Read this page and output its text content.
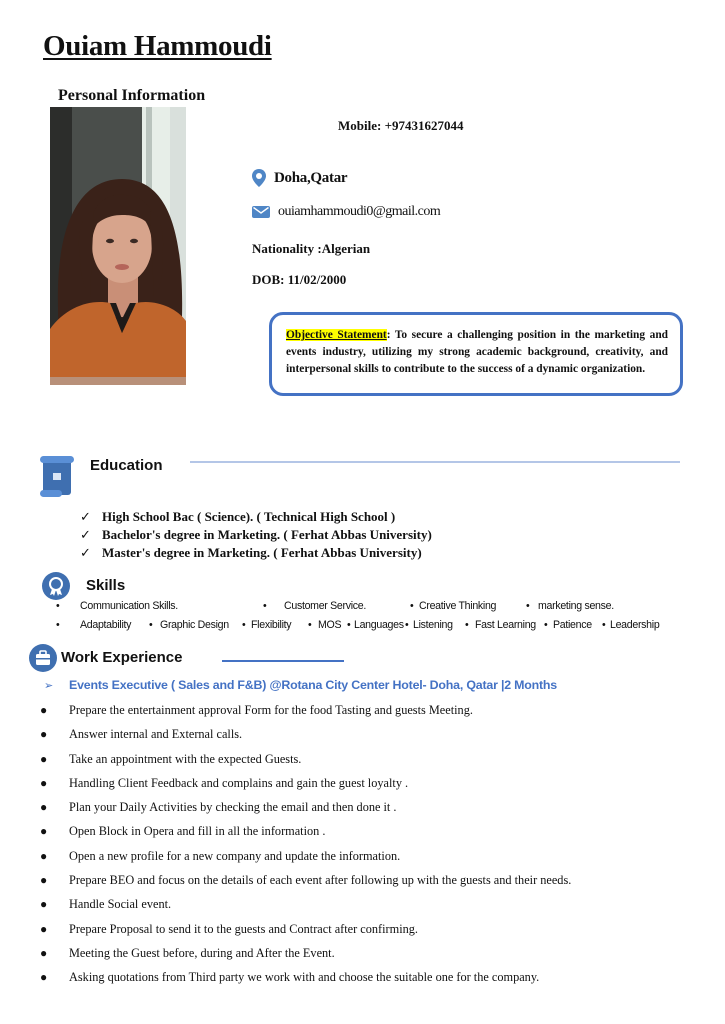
Ouiam Hammoudi
Personal Information
Mobile: +97431627044
Doha,Qatar
ouiamhammoudi0@gmail.com
Nationality :Algerian
DOB: 11/02/2000
Objective Statement: To secure a challenging position in the marketing and events industry, utilizing my strong academic background, creativity, and interpersonal skills to contribute to the success of a dynamic organization.
Education
✓ High School Bac ( Science). ( Technical High School )
✓ Bachelor's degree in Marketing. ( Ferhat Abbas University)
✓ Master's degree in Marketing. ( Ferhat Abbas University)
Skills
• Communication Skills.	• Customer Service.	• Creative Thinking	• marketing sense.
• Adaptability • Graphic Design • Flexibility • MOS • Languages • Listening • Fast Learning • Patience • Leadership
Work Experience
➢ Events Executive ( Sales and F&B) @Rotana City Center Hotel- Doha, Qatar |2 Months
●	Prepare the entertainment approval Form for the food Tasting and guests Meeting.
●	Answer internal and External calls.
●	Take an appointment with the expected Guests.
●	Handling Client Feedback and complains and gain the guest loyalty .
●	Plan your Daily Activities by checking the email and then done it .
●	Open Block in Opera and fill in all the information .
●	Open a new profile for a new company and update the information.
●	Prepare BEO and focus on the details of each event after following up with the guests and their needs.
●	Handle Social event.
●	Prepare Proposal to send it to the guests and Contract after confirming.
●	Meeting the Guest before, during and After the Event.
●	Asking quotations from Third party we work with and choose the suitable one for the company.
